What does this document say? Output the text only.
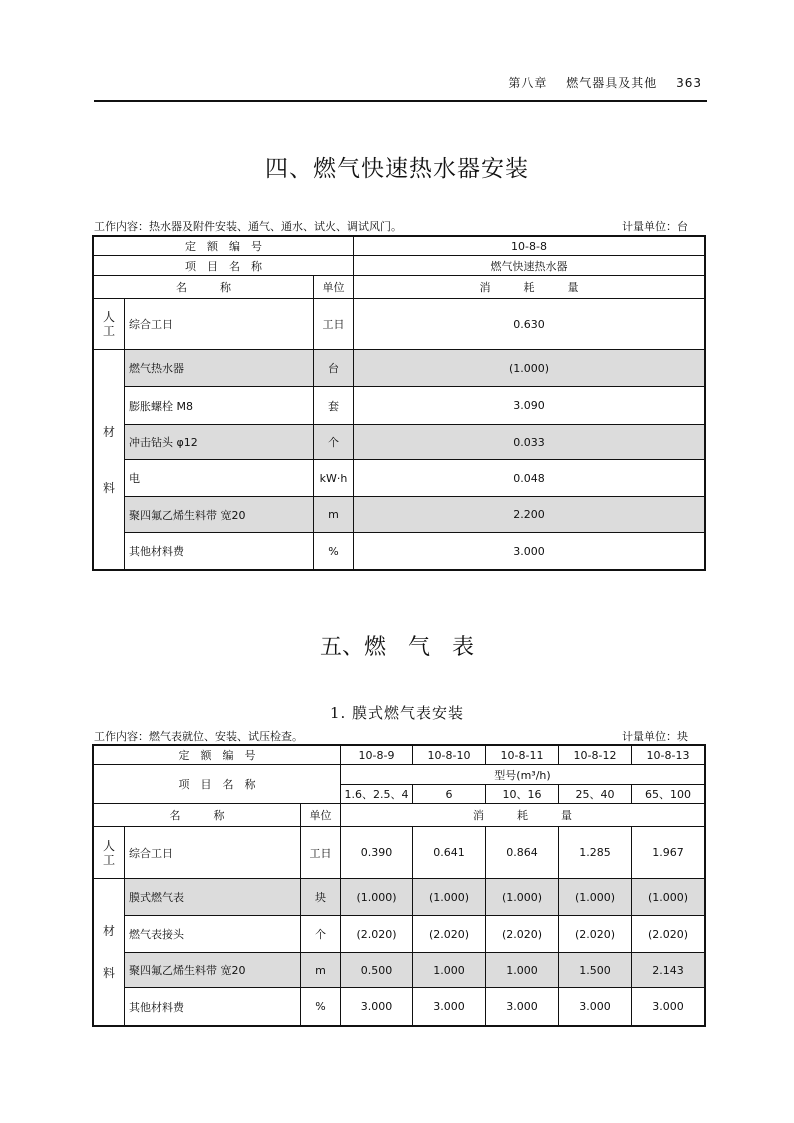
第八章 燃气器具及其他 363
四、燃气快速热水器安装
工作内容：热水器及附件安装、通气、通水、试火、调试风门。	计量单位：台
定　额　编　号			10-8-8
项　目　名　称			燃气快速热水器
名　　　称		单位	消　　　耗　　　量
人
工	综合工日	工日	0.630
材

料	燃气热水器	台	(1.000)
	膨胀螺栓 M8	套	3.090
	冲击钻头 φ12	个	0.033
	电	kW·h	0.048
	聚四氟乙烯生料带 宽20	m	2.200
	其他材料费	%	3.000
五、燃 气 表
1. 膜式燃气表安装
工作内容：燃气表就位、安装、试压检查。	计量单位：块
定　额　编　号			10-8-9	10-8-10	10-8-11	10-8-12	10-8-13
项　目　名　称			型号(m³/h)				
			1.6、2.5、4	6	10、16	25、40	65、100
名　　　称		单位	消　　　耗　　　量				
人
工	综合工日	工日	0.390	0.641	0.864	1.285	1.967
材

料	膜式燃气表	块	(1.000)	(1.000)	(1.000)	(1.000)	(1.000)
	燃气表接头	个	(2.020)	(2.020)	(2.020)	(2.020)	(2.020)
	聚四氟乙烯生料带 宽20	m	0.500	1.000	1.000	1.500	2.143
	其他材料费	%	3.000	3.000	3.000	3.000	3.000
